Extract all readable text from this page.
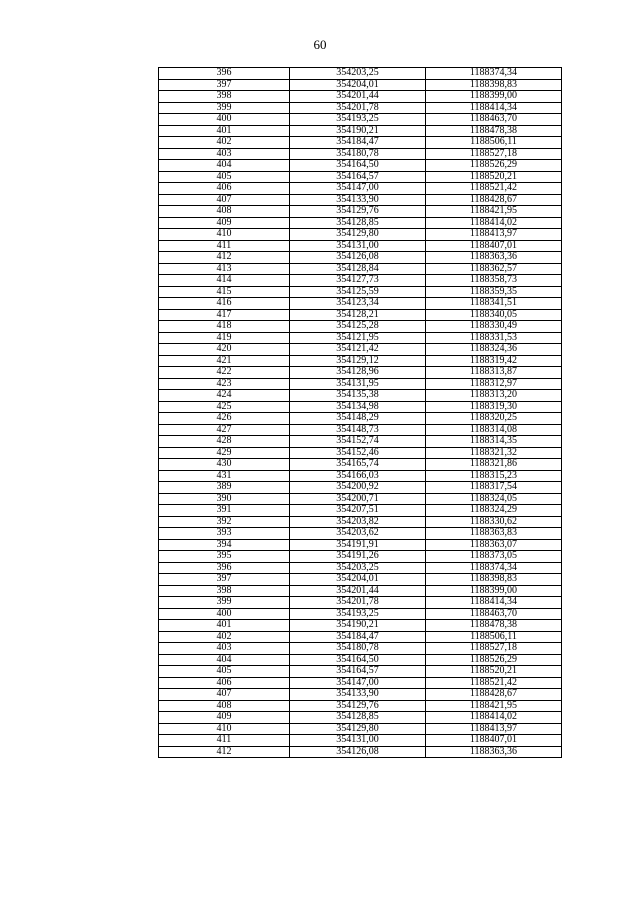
60
396	354203,25	1188374,34
397	354204,01	1188398,83
398	354201,44	1188399,00
399	354201,78	1188414,34
400	354193,25	1188463,70
401	354190,21	1188478,38
402	354184,47	1188506,11
403	354180,78	1188527,18
404	354164,50	1188526,29
405	354164,57	1188520,21
406	354147,00	1188521,42
407	354133,90	1188428,67
408	354129,76	1188421,95
409	354128,85	1188414,02
410	354129,80	1188413,97
411	354131,00	1188407,01
412	354126,08	1188363,36
413	354128,84	1188362,57
414	354127,73	1188358,73
415	354125,59	1188359,35
416	354123,34	1188341,51
417	354128,21	1188340,05
418	354125,28	1188330,49
419	354121,95	1188331,53
420	354121,42	1188324,36
421	354129,12	1188319,42
422	354128,96	1188313,87
423	354131,95	1188312,97
424	354135,38	1188313,20
425	354134,98	1188319,30
426	354148,29	1188320,25
427	354148,73	1188314,08
428	354152,74	1188314,35
429	354152,46	1188321,32
430	354165,74	1188321,86
431	354166,03	1188315,23
389	354200,92	1188317,54
390	354200,71	1188324,05
391	354207,51	1188324,29
392	354203,82	1188330,62
393	354203,62	1188363,83
394	354191,91	1188363,07
395	354191,26	1188373,05
396	354203,25	1188374,34
397	354204,01	1188398,83
398	354201,44	1188399,00
399	354201,78	1188414,34
400	354193,25	1188463,70
401	354190,21	1188478,38
402	354184,47	1188506,11
403	354180,78	1188527,18
404	354164,50	1188526,29
405	354164,57	1188520,21
406	354147,00	1188521,42
407	354133,90	1188428,67
408	354129,76	1188421,95
409	354128,85	1188414,02
410	354129,80	1188413,97
411	354131,00	1188407,01
412	354126,08	1188363,36
